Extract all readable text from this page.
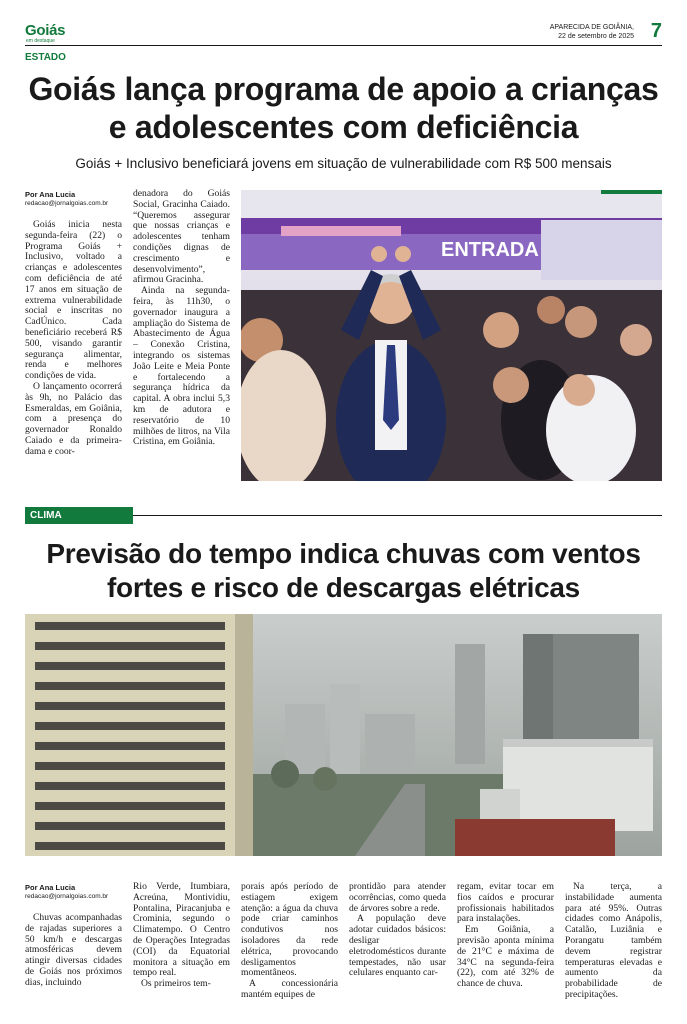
Goiás
em destaque
APARECIDA DE GOIÂNIA,
22 de setembro de 2025 7
ESTADO
Goiás lança programa de apoio a crianças
e adolescentes com deficiência
Goiás + Inclusivo beneficiará jovens em situação de vulnerabilidade com R$ 500 mensais
Por Ana Lucia
redacao@jornalgoias.com.br

Goiás inicia nesta segunda-feira (22) o Programa Goiás + Inclusivo, voltado a crianças e adolescentes com deficiência de até 17 anos em situação de extrema vulnerabilidade social e inscritas no CadÚnico. Cada beneficiário receberá R$ 500, visando garantir segurança alimentar, renda e melhores condições de vida.

O lançamento ocorrerá às 9h, no Palácio das Esmeraldas, em Goiânia, com a presença do governador Ronaldo Caiado e da primeira-dama e coor-

denadora do Goiás Social, Gracinha Caiado. “Queremos assegurar que nossas crianças e adolescentes tenham condições dignas de crescimento e desenvolvimento”, afirmou Gracinha.

Ainda na segunda-feira, às 11h30, o governador inaugura a ampliação do Sistema de Abastecimento de Água – Conexão Cristina, integrando os sistemas João Leite e Meia Ponte e fortalecendo a segurança hídrica da capital. A obra inclui 5,3 km de adutora e reservatório de 10 milhões de litros, na Vila Cristina, em Goiânia.

ENTRADA
CLIMA
Previsão do tempo indica chuvas com ventos
fortes e risco de descargas elétricas
Por Ana Lucia
redacao@jornalgoias.com.br

Chuvas acompanhadas de rajadas superiores a 50 km/h e descargas atmosféricas devem atingir diversas cidades de Goiás nos próximos dias, incluindo

Rio Verde, Itumbiara, Acreúna, Montividiu, Pontalina, Piracanjuba e Crominia, segundo o Climatempo. O Centro de Operações Integradas (COI) da Equatorial monitora a situação em tempo real.

Os primeiros tem-

porais após período de estiagem exigem atenção: a água da chuva pode criar caminhos condutivos nos isoladores da rede elétrica, provocando desligamentos momentâneos.

A concessionária mantém equipes de

prontidão para atender ocorrências, como queda de árvores sobre a rede.

A população deve adotar cuidados básicos: desligar eletrodomésticos durante tempestades, não usar celulares enquanto car-

regam, evitar tocar em fios caídos e procurar profissionais habilitados para instalações.

Em Goiânia, a previsão aponta mínima de 21°C e máxima de 34°C na segunda-feira (22), com até 32% de chance de chuva.

Na terça, a instabilidade aumenta para até 95%. Outras cidades como Anápolis, Catalão, Luziânia e Porangatu também devem registrar temperaturas elevadas e aumento da probabilidade de precipitações.
